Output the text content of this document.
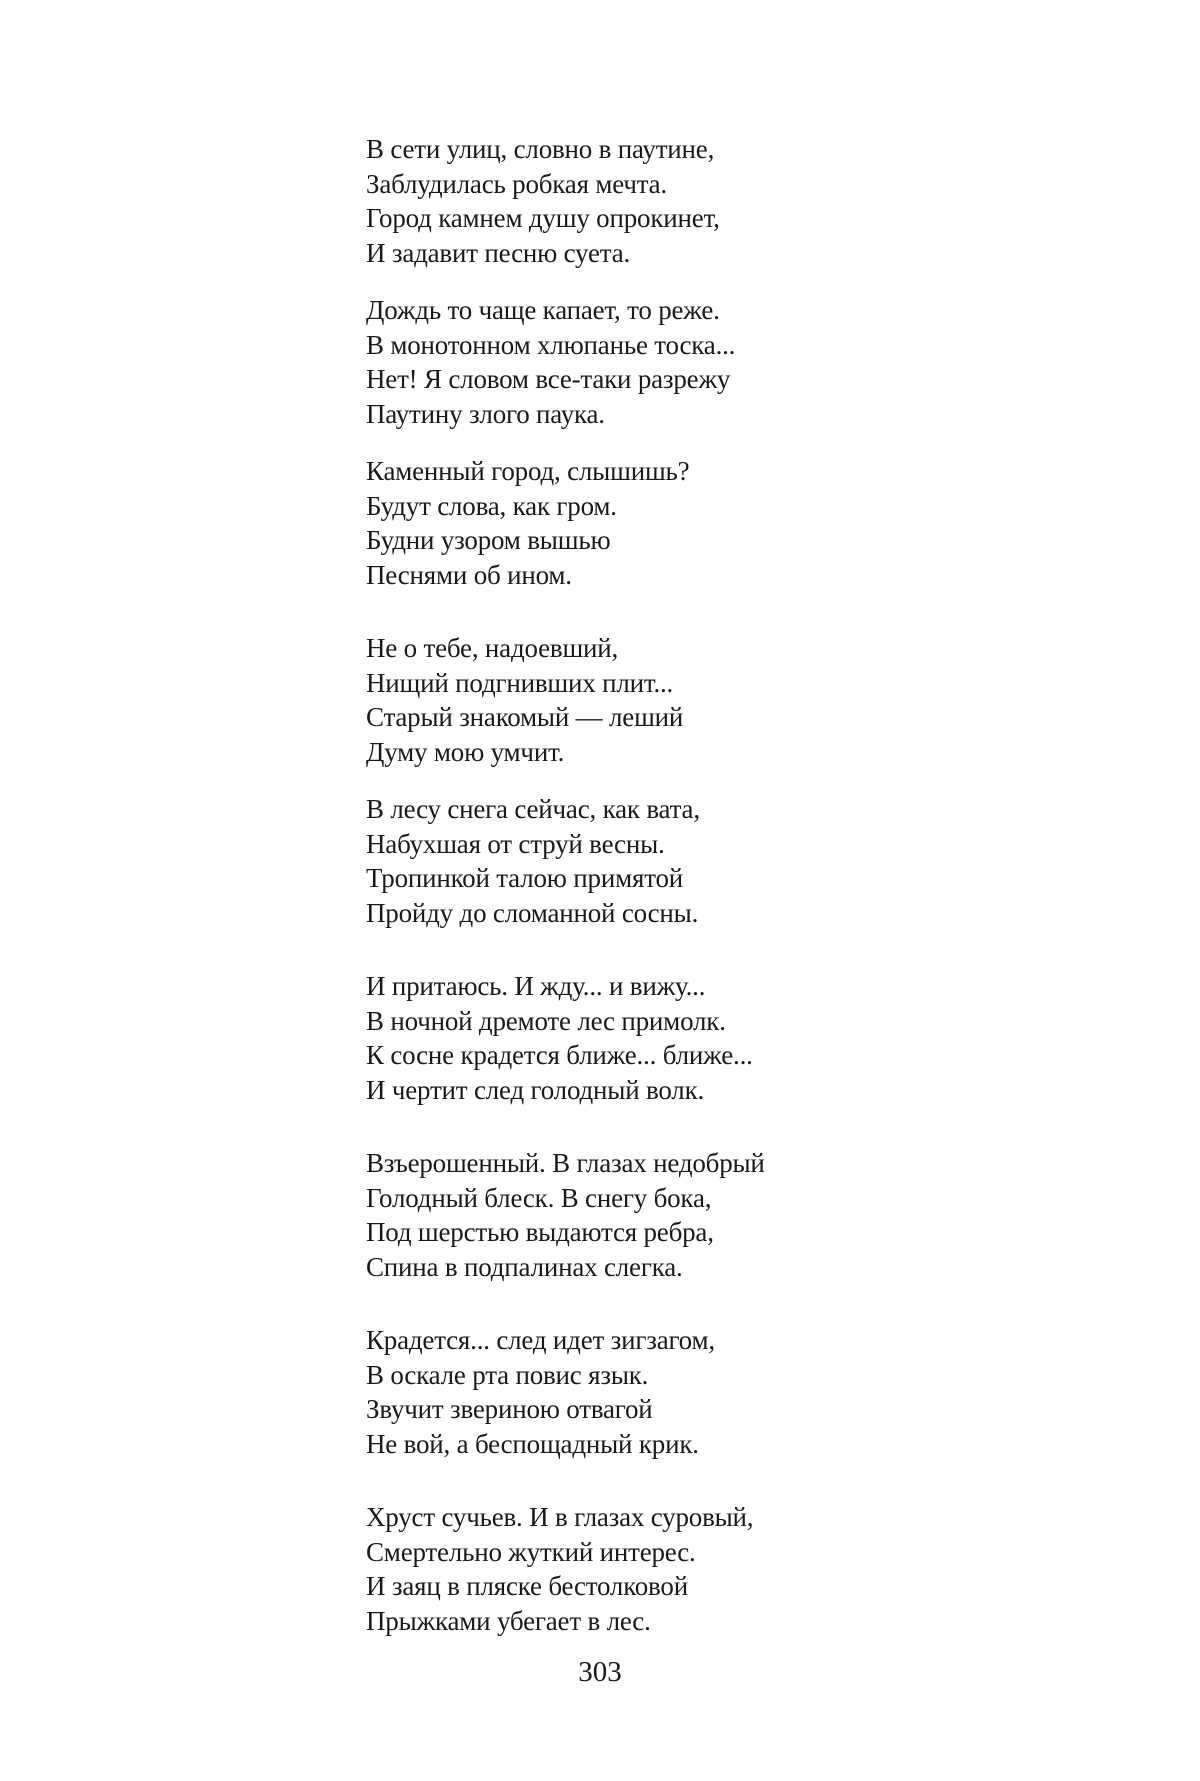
В сети улиц, словно в паутине,
Заблудилась робкая мечта.
Город камнем душу опрокинет,
И задавит песню суета.
Дождь то чаще капает, то реже.
В монотонном хлюпанье тоска...
Нет! Я словом все-таки разрежу
Паутину злого паука.
Каменный город, слышишь?
Будут слова, как гром.
Будни узором вышью
Песнями об ином.
Не о тебе, надоевший,
Нищий подгнивших плит...
Старый знакомый — леший
Думу мою умчит.
В лесу снега сейчас, как вата,
Набухшая от струй весны.
Тропинкой талою примятой
Пройду до сломанной сосны.
И притаюсь. И жду... и вижу...
В ночной дремоте лес примолк.
К сосне крадется ближе... ближе...
И чертит след голодный волк.
Взъерошенный. В глазах недобрый
Голодный блеск. В снегу бока,
Под шерстью выдаются ребра,
Спина в подпалинах слегка.
Крадется... след идет зигзагом,
В оскале рта повис язык.
Звучит звериною отвагой
Не вой, а беспощадный крик.
Хруст сучьев. И в глазах суровый,
Смертельно жуткий интерес.
И заяц в пляске бестолковой
Прыжками убегает в лес.
303
